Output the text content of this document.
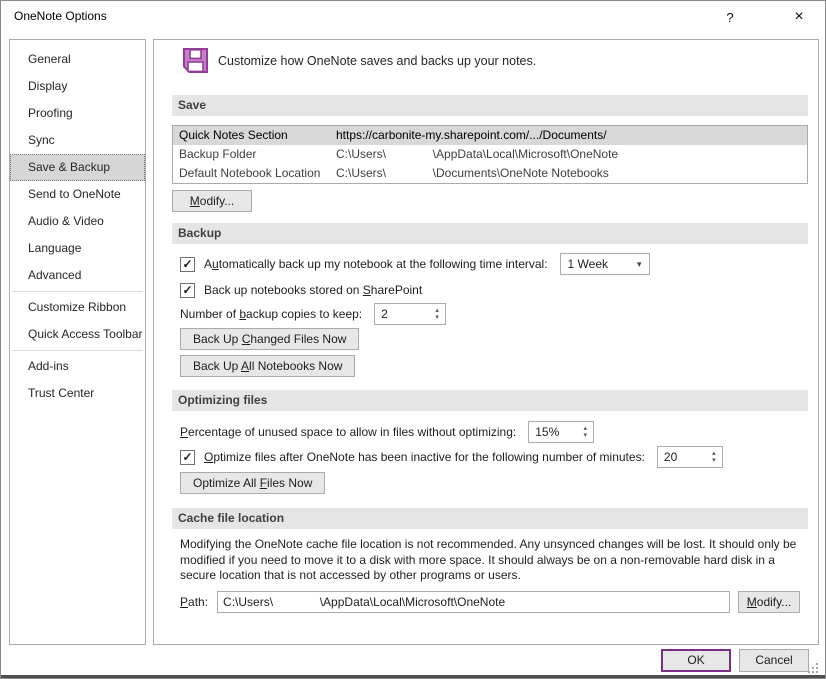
OneNote Options	?	×
General
Display
Proofing
Sync
Save & Backup
Send to OneNote
Audio & Video
Language
Advanced
Customize Ribbon
Quick Access Toolbar
Add-ins
Trust Center
Customize how OneNote saves and backs up your notes.
Save
Quick Notes Section	https://carbonite-my.sharepoint.com/.../Documents/
Backup Folder	C:\Users\              \AppData\Local\Microsoft\OneNote
Default Notebook Location	C:\Users\              \Documents\OneNote Notebooks
Modify...
Backup
✓ Automatically back up my notebook at the following time interval: 1 Week	▾
✓ Back up notebooks stored on SharePoint
Number of backup copies to keep:	2	▴
▾
Back Up Changed Files Now
Back Up All Notebooks Now
Optimizing files
Percentage of unused space to allow in files without optimizing:	15%	▴
▾
✓ Optimize files after OneNote has been inactive for the following number of minutes:	20	▴
▾
Optimize All Files Now
Cache file location
Modifying the OneNote cache file location is not recommended. Any unsynced changes will be lost. It should only be modified if you need to move it to a disk with more space. It should always be on a non-removable hard disk in a secure location that is not accessed by other programs or users.
Path:	C:\Users\              \AppData\Local\Microsoft\OneNote	Modify...
OK	Cancel
